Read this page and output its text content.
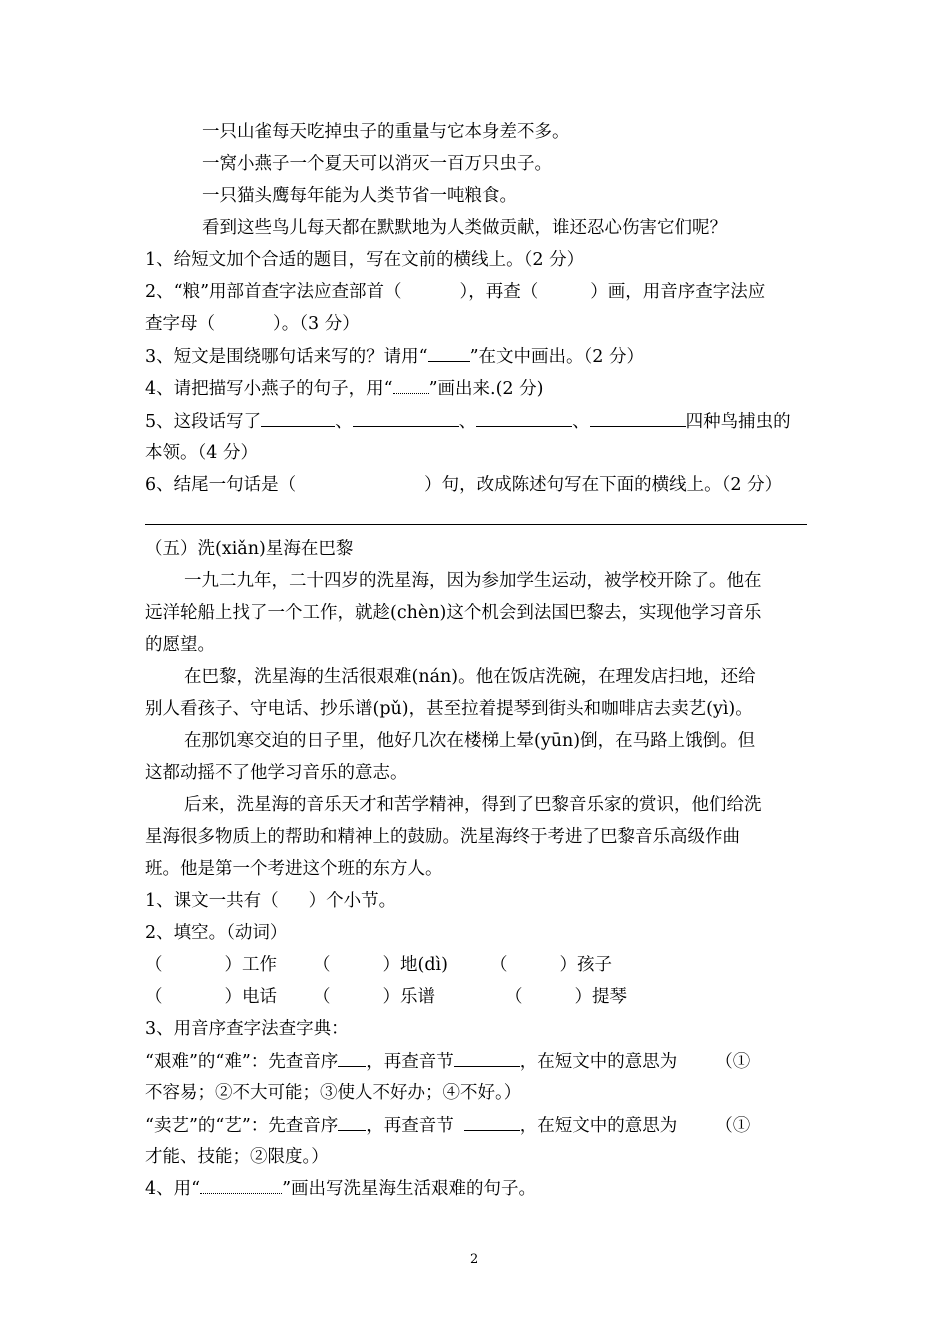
一只山雀每天吃掉虫子的重量与它本身差不多。
一窝小燕子一个夏天可以消灭一百万只虫子。
一只猫头鹰每年能为人类节省一吨粮食。
看到这些鸟儿每天都在默默地为人类做贡献，谁还忍心伤害它们呢？
1、给短文加个合适的题目，写在文前的横线上。（2 分）
2、“粮”用部首查字法应查部首（	），再查（	）画，用音序查字法应
查字母（	）。（3 分）
3、短文是围绕哪句话来写的？请用“ ”在文中画出。（2 分）
4、请把描写小燕子的句子，用“ ”画出来.(2 分)
5、这段话写了	、	、	、	四种鸟捕虫的
本领。（4 分）
6、结尾一句话是（	）句，改成陈述句写在下面的横线上。（2 分）
（五）洗(xiǎn)星海在巴黎
一九二九年，二十四岁的洗星海，因为参加学生运动，被学校开除了。他在
远洋轮船上找了一个工作，就趁(chèn)这个机会到法国巴黎去，实现他学习音乐
的愿望。
在巴黎，洗星海的生活很艰难(nán)。他在饭店洗碗，在理发店扫地，还给
别人看孩子、守电话、抄乐谱(pǔ)，甚至拉着提琴到街头和咖啡店去卖艺(yì)。
在那饥寒交迫的日子里，他好几次在楼梯上晕(yūn)倒，在马路上饿倒。但
这都动摇不了他学习音乐的意志。
后来，洗星海的音乐天才和苦学精神，得到了巴黎音乐家的赏识，他们给洗
星海很多物质上的帮助和精神上的鼓励。洗星海终于考进了巴黎音乐高级作曲
班。他是第一个考进这个班的东方人。
1、课文一共有（ ）个小节。
2、填空。（动词）
（	）工作 （	）地(dì) （	）孩子
（	）电话 （	）乐谱	（	）提琴
3、用音序查字法查字典：
“艰难”的“难”：先查音序 ，再查音节	，在短文中的意思为 （①
不容易；②不大可能；③使人不好办；④不好。）
“卖艺”的“艺”：先查音序 ，再查音节	，在短文中的意思为 （①
才能、技能；②限度。）
4、用“	”画出写洗星海生活艰难的句子。
2
